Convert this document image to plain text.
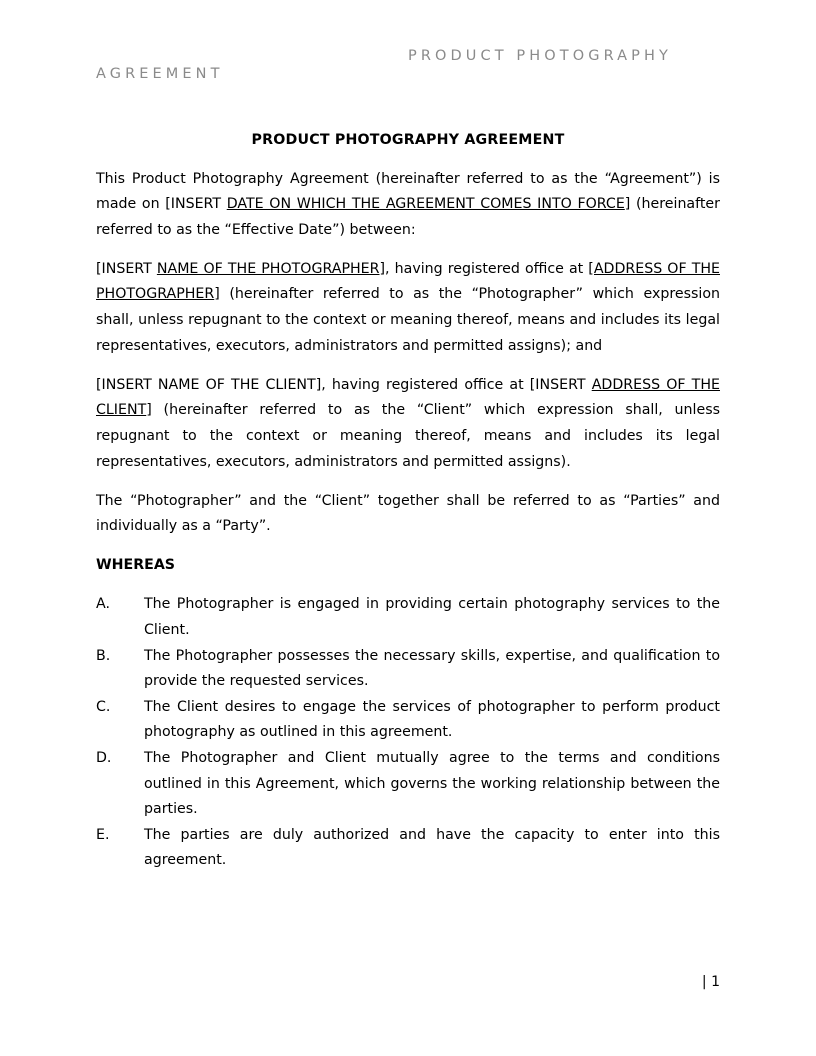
PRODUCT PHOTOGRAPHY
AGREEMENT
PRODUCT PHOTOGRAPHY AGREEMENT

This Product Photography Agreement (hereinafter referred to as the “Agreement”) is made on [INSERT DATE ON WHICH THE AGREEMENT COMES INTO FORCE] (hereinafter referred to as the “Effective Date”) between:

[INSERT NAME OF THE PHOTOGRAPHER], having registered office at [ADDRESS OF THE PHOTOGRAPHER] (hereinafter referred to as the “Photographer” which expression shall, unless repugnant to the context or meaning thereof, means and includes its legal representatives, executors, administrators and permitted assigns); and

[INSERT NAME OF THE CLIENT], having registered office at [INSERT ADDRESS OF THE CLIENT] (hereinafter referred to as the “Client” which expression shall, unless repugnant to the context or meaning thereof, means and includes its legal representatives, executors, administrators and permitted assigns).

The “Photographer” and the “Client” together shall be referred to as “Parties” and individually as a “Party”.

WHEREAS
A. The Photographer is engaged in providing certain photography services to the Client.
B. The Photographer possesses the necessary skills, expertise, and qualification to provide the requested services.
C. The Client desires to engage the services of photographer to perform product photography as outlined in this agreement.
D. The Photographer and Client mutually agree to the terms and conditions outlined in this Agreement, which governs the working relationship between the parties.
E. The parties are duly authorized and have the capacity to enter into this agreement.
| 1
